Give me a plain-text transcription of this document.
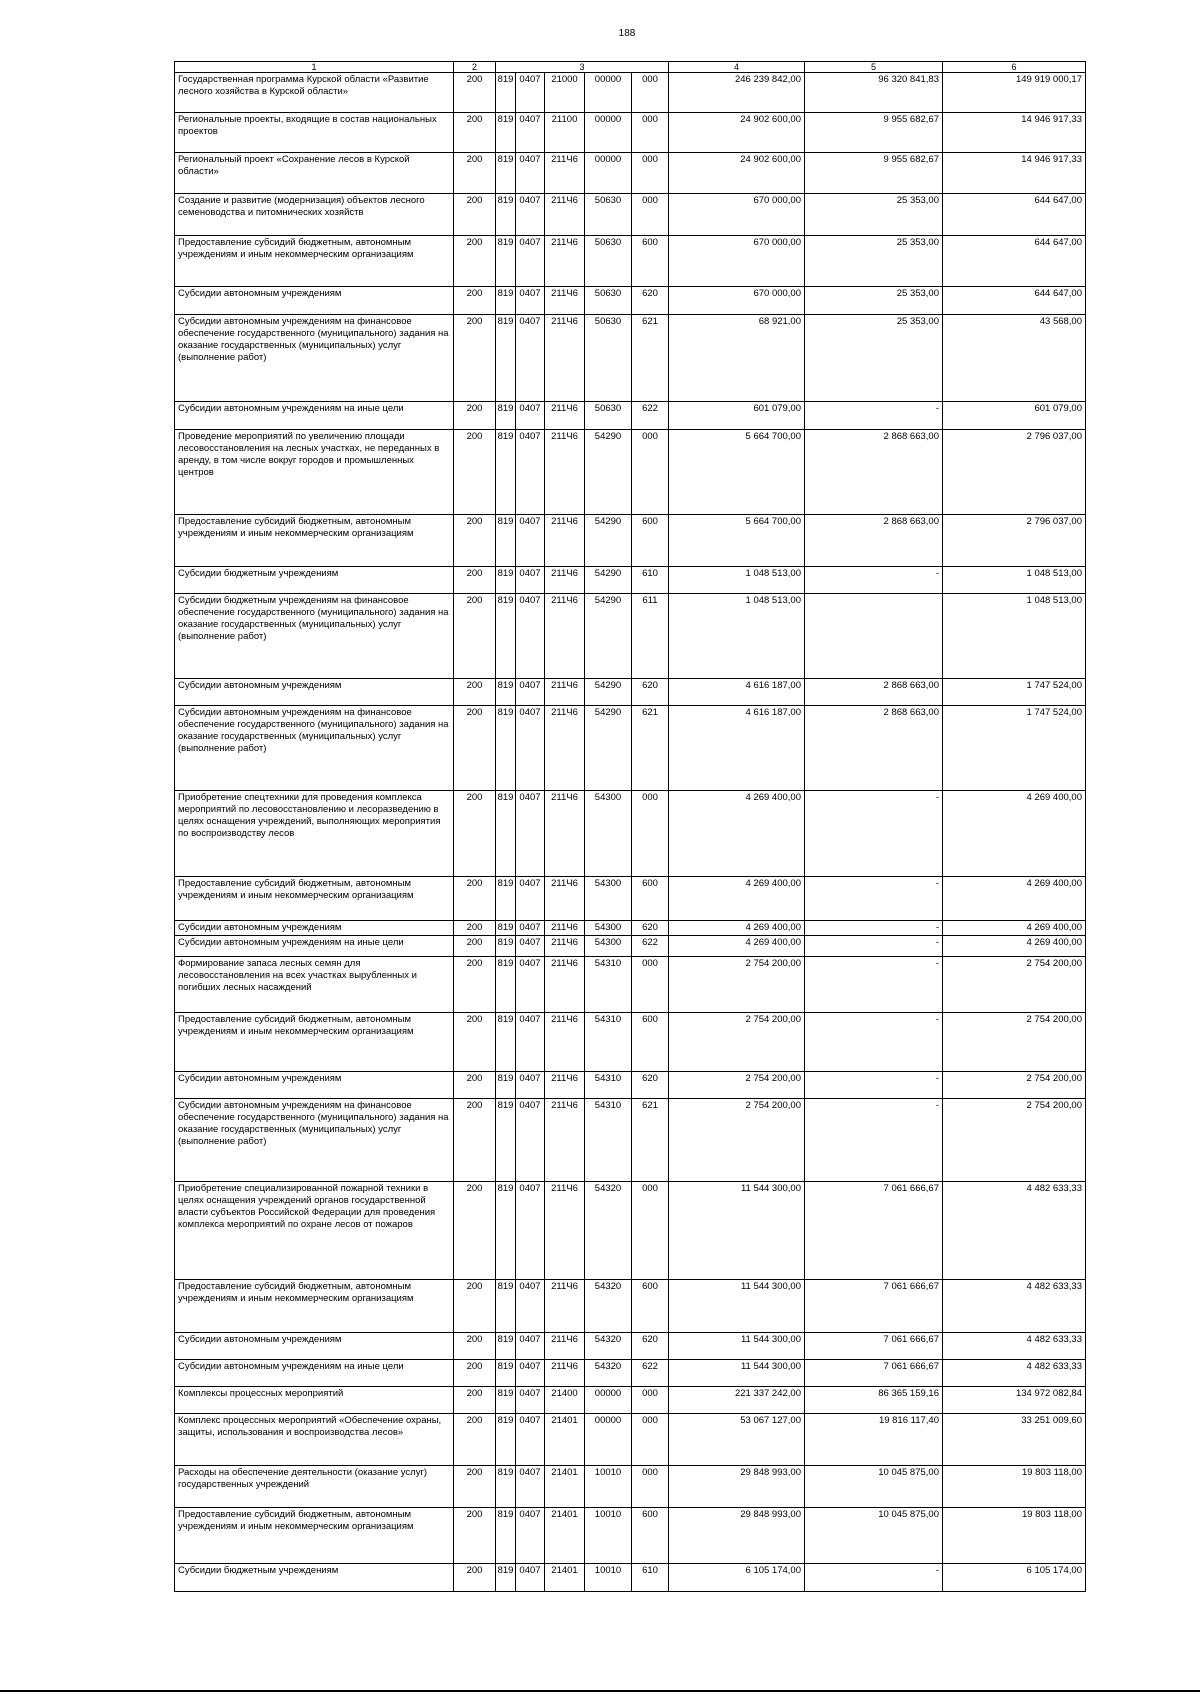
188
1	2	3					4	5	6
Государственная программа Курской области «Развитие лесного хозяйства в Курской области»	200	819	0407	21000	00000	000	246 239 842,00	96 320 841,83	149 919 000,17
Региональные проекты, входящие в состав национальных проектов	200	819	0407	21100	00000	000	24 902 600,00	9 955 682,67	14 946 917,33
Региональный проект «Сохранение лесов в Курской области»	200	819	0407	211Ч6	00000	000	24 902 600,00	9 955 682,67	14 946 917,33
Создание и развитие (модернизация) объектов лесного семеноводства и питомнических хозяйств	200	819	0407	211Ч6	50630	000	670 000,00	25 353,00	644 647,00
Предоставление субсидий бюджетным, автономным учреждениям и иным некоммерческим организациям	200	819	0407	211Ч6	50630	600	670 000,00	25 353,00	644 647,00
Субсидии автономным учреждениям	200	819	0407	211Ч6	50630	620	670 000,00	25 353,00	644 647,00
Субсидии автономным учреждениям на финансовое обеспечение государственного (муниципального) задания на оказание государственных (муниципальных) услуг (выполнение работ)	200	819	0407	211Ч6	50630	621	68 921,00	25 353,00	43 568,00
Субсидии автономным учреждениям на иные цели	200	819	0407	211Ч6	50630	622	601 079,00	-	601 079,00
Проведение мероприятий по увеличению площади лесовосстановления на лесных участках, не переданных в аренду, в том числе вокруг городов и промышленных центров	200	819	0407	211Ч6	54290	000	5 664 700,00	2 868 663,00	2 796 037,00
Предоставление субсидий бюджетным, автономным учреждениям и иным некоммерческим организациям	200	819	0407	211Ч6	54290	600	5 664 700,00	2 868 663,00	2 796 037,00
Субсидии бюджетным учреждениям	200	819	0407	211Ч6	54290	610	1 048 513,00	-	1 048 513,00
Субсидии бюджетным учреждениям на финансовое обеспечение государственного (муниципального) задания на оказание государственных (муниципальных) услуг (выполнение работ)	200	819	0407	211Ч6	54290	611	1 048 513,00		1 048 513,00
Субсидии автономным учреждениям	200	819	0407	211Ч6	54290	620	4 616 187,00	2 868 663,00	1 747 524,00
Субсидии автономным учреждениям на финансовое обеспечение государственного (муниципального) задания на оказание государственных (муниципальных) услуг (выполнение работ)	200	819	0407	211Ч6	54290	621	4 616 187,00	2 868 663,00	1 747 524,00
Приобретение спецтехники для проведения комплекса мероприятий по лесовосстановлению и лесоразведению в целях оснащения учреждений, выполняющих мероприятия по воспроизводству лесов	200	819	0407	211Ч6	54300	000	4 269 400,00	-	4 269 400,00
Предоставление субсидий бюджетным, автономным учреждениям и иным некоммерческим организациям	200	819	0407	211Ч6	54300	600	4 269 400,00	-	4 269 400,00
Субсидии автономным учреждениям	200	819	0407	211Ч6	54300	620	4 269 400,00	-	4 269 400,00
Субсидии автономным учреждениям на иные цели	200	819	0407	211Ч6	54300	622	4 269 400,00	-	4 269 400,00
Формирование запаса лесных семян для лесовосстановления на всех участках вырубленных и погибших лесных насаждений	200	819	0407	211Ч6	54310	000	2 754 200,00	-	2 754 200,00
Предоставление субсидий бюджетным, автономным учреждениям и иным некоммерческим организациям	200	819	0407	211Ч6	54310	600	2 754 200,00	-	2 754 200,00
Субсидии автономным учреждениям	200	819	0407	211Ч6	54310	620	2 754 200,00	-	2 754 200,00
Субсидии автономным учреждениям на финансовое обеспечение государственного (муниципального) задания на оказание государственных (муниципальных) услуг (выполнение работ)	200	819	0407	211Ч6	54310	621	2 754 200,00	-	2 754 200,00
Приобретение специализированной пожарной техники в целях оснащения учреждений органов государственной власти субъектов Российской Федерации для проведения комплекса мероприятий по охране лесов от пожаров	200	819	0407	211Ч6	54320	000	11 544 300,00	7 061 666,67	4 482 633,33
Предоставление субсидий бюджетным, автономным учреждениям и иным некоммерческим организациям	200	819	0407	211Ч6	54320	600	11 544 300,00	7 061 666,67	4 482 633,33
Субсидии автономным учреждениям	200	819	0407	211Ч6	54320	620	11 544 300,00	7 061 666,67	4 482 633,33
Субсидии автономным учреждениям на иные цели	200	819	0407	211Ч6	54320	622	11 544 300,00	7 061 666,67	4 482 633,33
Комплексы процессных мероприятий	200	819	0407	21400	00000	000	221 337 242,00	86 365 159,16	134 972 082,84
Комплекс процессных мероприятий «Обеспечение охраны, защиты, использования и воспроизводства лесов»	200	819	0407	21401	00000	000	53 067 127,00	19 816 117,40	33 251 009,60
Расходы на обеспечение деятельности (оказание услуг) государственных учреждений	200	819	0407	21401	10010	000	29 848 993,00	10 045 875,00	19 803 118,00
Предоставление субсидий бюджетным, автономным учреждениям и иным некоммерческим организациям	200	819	0407	21401	10010	600	29 848 993,00	10 045 875,00	19 803 118,00
Субсидии бюджетным учреждениям	200	819	0407	21401	10010	610	6 105 174,00	-	6 105 174,00
